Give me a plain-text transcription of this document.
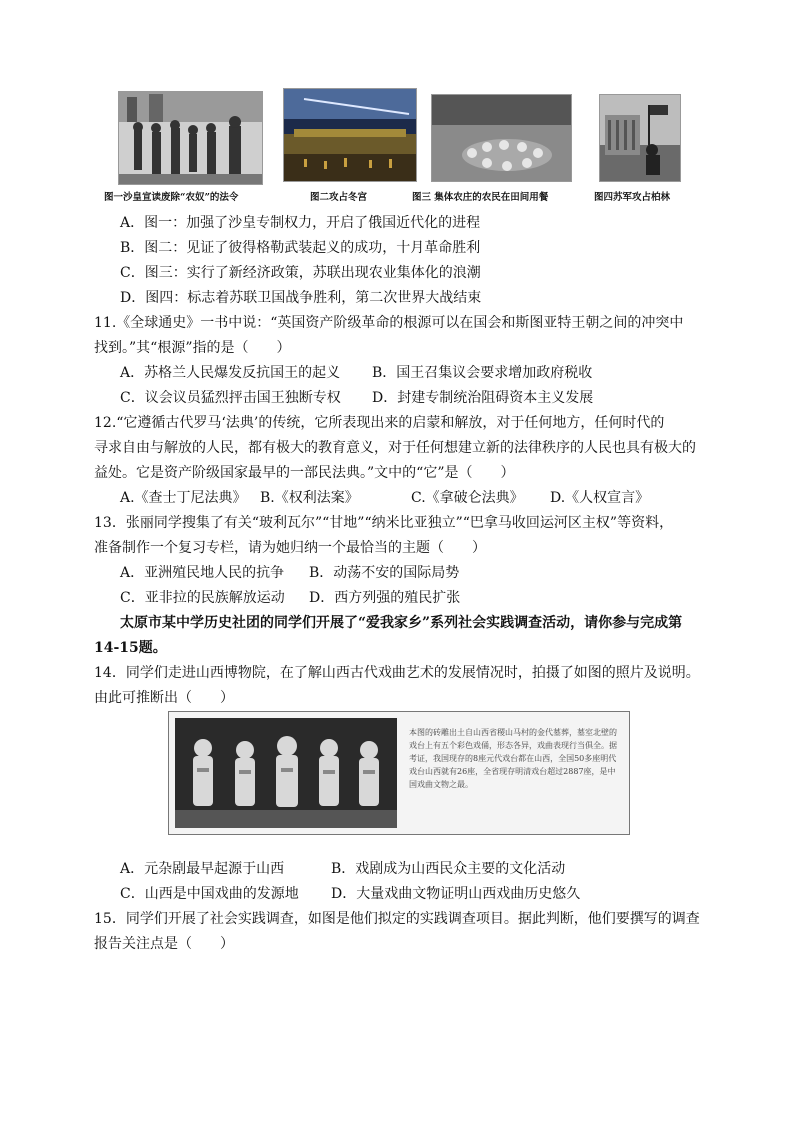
图一沙皇宣读废除“农奴”的法令	图二攻占冬宫	图三 集体农庄的农民在田间用餐	图四苏军攻占柏林
A．图一：加强了沙皇专制权力，开启了俄国近代化的进程
B．图二：见证了彼得格勒武装起义的成功，十月革命胜利
C．图三：实行了新经济政策，苏联出现农业集体化的浪潮
D．图四：标志着苏联卫国战争胜利，第二次世界大战结束
11.《全球通史》一书中说：“英国资产阶级革命的根源可以在国会和斯图亚特王朝之间的冲突中
找到。”其“根源”指的是（　　）
A．苏格兰人民爆发反抗国王的起义 B．国王召集议会要求增加政府税收
C．议会议员猛烈抨击国王独断专权 D．封建专制统治阻碍资本主义发展
12.“它遵循古代罗马‘法典’的传统，它所表现出来的启蒙和解放，对于任何地方，任何时代的
寻求自由与解放的人民，都有极大的教育意义，对于任何想建立新的法律秩序的人民也具有极大的
益处。它是资产阶级国家最早的一部民法典。”文中的“它”是（　　）
A.《查士丁尼法典》 B.《权利法案》	C.《拿破仑法典》 D.《人权宣言》
13．张丽同学搜集了有关“玻利瓦尔”“甘地”“纳米比亚独立”“巴拿马收回运河区主权”等资料，
准备制作一个复习专栏，请为她归纳一个最恰当的主题（　　）
A．亚洲殖民地人民的抗争 B．动荡不安的国际局势
C．亚非拉的民族解放运动 D．西方列强的殖民扩张
太原市某中学历史社团的同学们开展了“爱我家乡”系列社会实践调查活动，请你参与完成第
14-15题。
14．同学们走进山西博物院，在了解山西古代戏曲艺术的发展情况时，拍摄了如图的照片及说明。
由此可推断出（　　）
本图的砖雕出土自山西省稷山马村的金代墓葬，墓室北壁的戏台上有五个彩色戏俑，形态各异，戏曲表现行当俱全。据考证，我国现存的8座元代戏台都在山西，全国50多座明代戏台山西就有26座，全省现存明清戏台超过2887座，是中国戏曲文物之最。
A．元杂剧最早起源于山西	B．戏剧成为山西民众主要的文化活动
C．山西是中国戏曲的发源地 D．大量戏曲文物证明山西戏曲历史悠久
15．同学们开展了社会实践调查，如图是他们拟定的实践调查项目。据此判断，他们要撰写的调查
报告关注点是（　　）
